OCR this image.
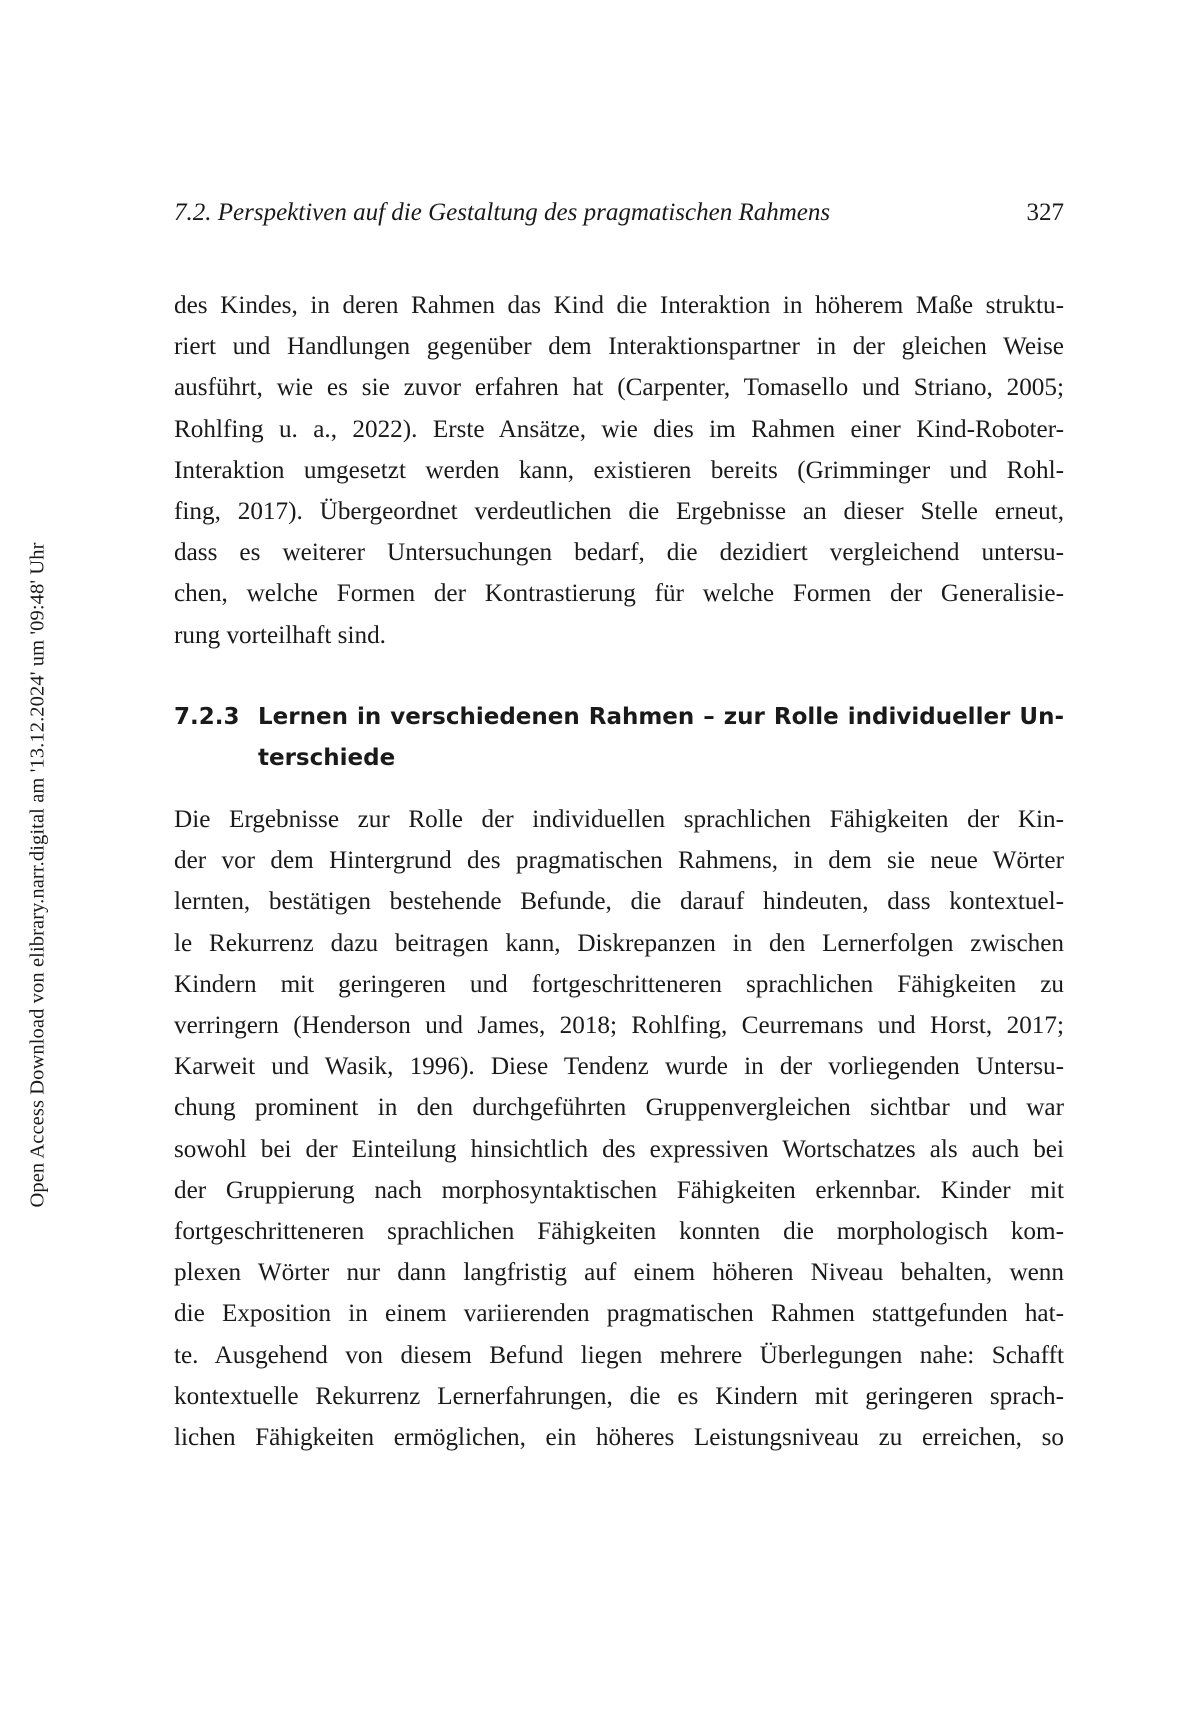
Open Access Download von elibrary.narr.digital am '13.12.2024' um '09:48' Uhr
7.2. Perspektiven auf die Gestaltung des pragmatischen Rahmens	327

des Kindes, in deren Rahmen das Kind die Interaktion in höherem Maße struktu-
riert und Handlungen gegenüber dem Interaktionspartner in der gleichen Weise
ausführt, wie es sie zuvor erfahren hat (Carpenter, Tomasello und Striano, 2005;
Rohlfing u. a., 2022). Erste Ansätze, wie dies im Rahmen einer Kind-Roboter-
Interaktion umgesetzt werden kann, existieren bereits (Grimminger und Rohl-
fing, 2017). Übergeordnet verdeutlichen die Ergebnisse an dieser Stelle erneut,
dass es weiterer Untersuchungen bedarf, die dezidiert vergleichend untersu-
chen, welche Formen der Kontrastierung für welche Formen der Generalisie-
rung vorteilhaft sind.

7.2.3 Lernen in verschiedenen Rahmen – zur Rolle individueller Un-
terschiede

Die Ergebnisse zur Rolle der individuellen sprachlichen Fähigkeiten der Kin-
der vor dem Hintergrund des pragmatischen Rahmens, in dem sie neue Wörter
lernten, bestätigen bestehende Befunde, die darauf hindeuten, dass kontextuel-
le Rekurrenz dazu beitragen kann, Diskrepanzen in den Lernerfolgen zwischen
Kindern mit geringeren und fortgeschritteneren sprachlichen Fähigkeiten zu
verringern (Henderson und James, 2018; Rohlfing, Ceurremans und Horst, 2017;
Karweit und Wasik, 1996). Diese Tendenz wurde in der vorliegenden Untersu-
chung prominent in den durchgeführten Gruppenvergleichen sichtbar und war
sowohl bei der Einteilung hinsichtlich des expressiven Wortschatzes als auch bei
der Gruppierung nach morphosyntaktischen Fähigkeiten erkennbar. Kinder mit
fortgeschritteneren sprachlichen Fähigkeiten konnten die morphologisch kom-
plexen Wörter nur dann langfristig auf einem höheren Niveau behalten, wenn
die Exposition in einem variierenden pragmatischen Rahmen stattgefunden hat-
te. Ausgehend von diesem Befund liegen mehrere Überlegungen nahe: Schafft
kontextuelle Rekurrenz Lernerfahrungen, die es Kindern mit geringeren sprach-
lichen Fähigkeiten ermöglichen, ein höheres Leistungsniveau zu erreichen, so
